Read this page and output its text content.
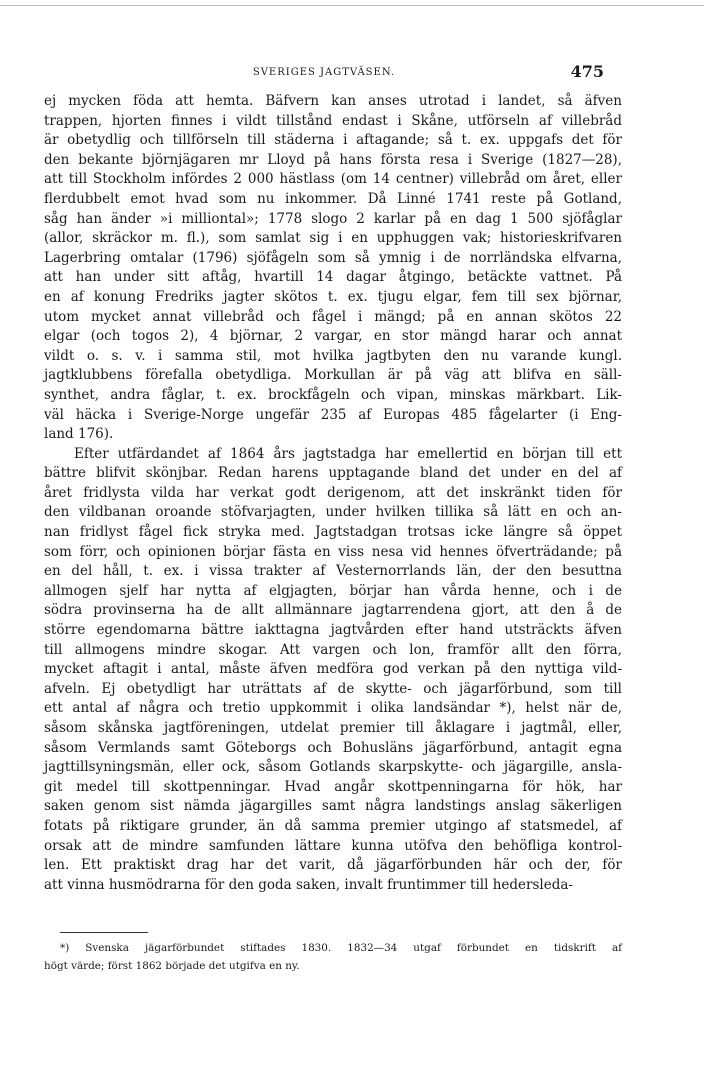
SVERIGES JAGTVÄSEN.	475
ej mycken föda att hemta. Bäfvern kan anses utrotad i landet, så äfven
trappen, hjorten finnes i vildt tillstånd endast i Skåne, utförseln af villebråd
är obetydlig och tillförseln till städerna i aftagande; så t. ex. uppgafs det för
den bekante björnjägaren mr Lloyd på hans första resa i Sverige (1827—28),
att till Stockholm infördes 2 000 hästlass (om 14 centner) villebråd om året, eller
flerdubbelt emot hvad som nu inkommer. Då Linné 1741 reste på Gotland,
såg han änder »i milliontal»; 1778 slogo 2 karlar på en dag 1 500 sjöfåglar
(allor, skräckor m. fl.), som samlat sig i en upphuggen vak; historieskrifvaren
Lagerbring omtalar (1796) sjöfågeln som så ymnig i de norrländska elfvarna,
att han under sitt aftåg, hvartill 14 dagar åtgingo, betäckte vattnet. På
en af konung Fredriks jagter skötos t. ex. tjugu elgar, fem till sex björnar,
utom mycket annat villebråd och fågel i mängd; på en annan skötos 22
elgar (och togos 2), 4 björnar, 2 vargar, en stor mängd harar och annat
vildt o. s. v. i samma stil, mot hvilka jagtbyten den nu varande kungl.
jagtklubbens förefalla obetydliga. Morkullan är på väg att blifva en säll-
synthet, andra fåglar, t. ex. brockfågeln och vipan, minskas märkbart. Lik-
väl häcka i Sverige-Norge ungefär 235 af Europas 485 fågelarter (i Eng-
land 176).
Efter utfärdandet af 1864 års jagtstadga har emellertid en början till ett
bättre blifvit skönjbar. Redan harens upptagande bland det under en del af
året fridlysta vilda har verkat godt derigenom, att det inskränkt tiden för
den vildbanan oroande stöfvarjagten, under hvilken tillika så lätt en och an-
nan fridlyst fågel fick stryka med. Jagtstadgan trotsas icke längre så öppet
som förr, och opinionen börjar fästa en viss nesa vid hennes öfverträdande; på
en del håll, t. ex. i vissa trakter af Vesternorrlands län, der den besuttna
allmogen sjelf har nytta af elgjagten, börjar han vårda henne, och i de
södra provinserna ha de allt allmännare jagtarrendena gjort, att den å de
större egendomarna bättre iakttagna jagtvården efter hand utsträckts äfven
till allmogens mindre skogar. Att vargen och lon, framför allt den förra,
mycket aftagit i antal, måste äfven medföra god verkan på den nyttiga vild-
afveln. Ej obetydligt har uträttats af de skytte- och jägarförbund, som till
ett antal af några och tretio uppkommit i olika landsändar *), helst när de,
såsom skånska jagtföreningen, utdelat premier till åklagare i jagtmål, eller,
såsom Vermlands samt Göteborgs och Bohusläns jägarförbund, antagit egna
jagttillsyningsmän, eller ock, såsom Gotlands skarpskytte- och jägargille, ansla-
git medel till skottpenningar. Hvad angår skottpenningarna för hök, har
saken genom sist nämda jägargilles samt några landstings anslag säkerligen
fotats på riktigare grunder, än då samma premier utgingo af statsmedel, af
orsak att de mindre samfunden lättare kunna utöfva den behöfliga kontrol-
len. Ett praktiskt drag har det varit, då jägarförbunden här och der, för
att vinna husmödrarna för den goda saken, invalt fruntimmer till hedersleda-
*) Svenska jägarförbundet stiftades 1830. 1832—34 utgaf förbundet en tidskrift af
högt värde; först 1862 började det utgifva en ny.
